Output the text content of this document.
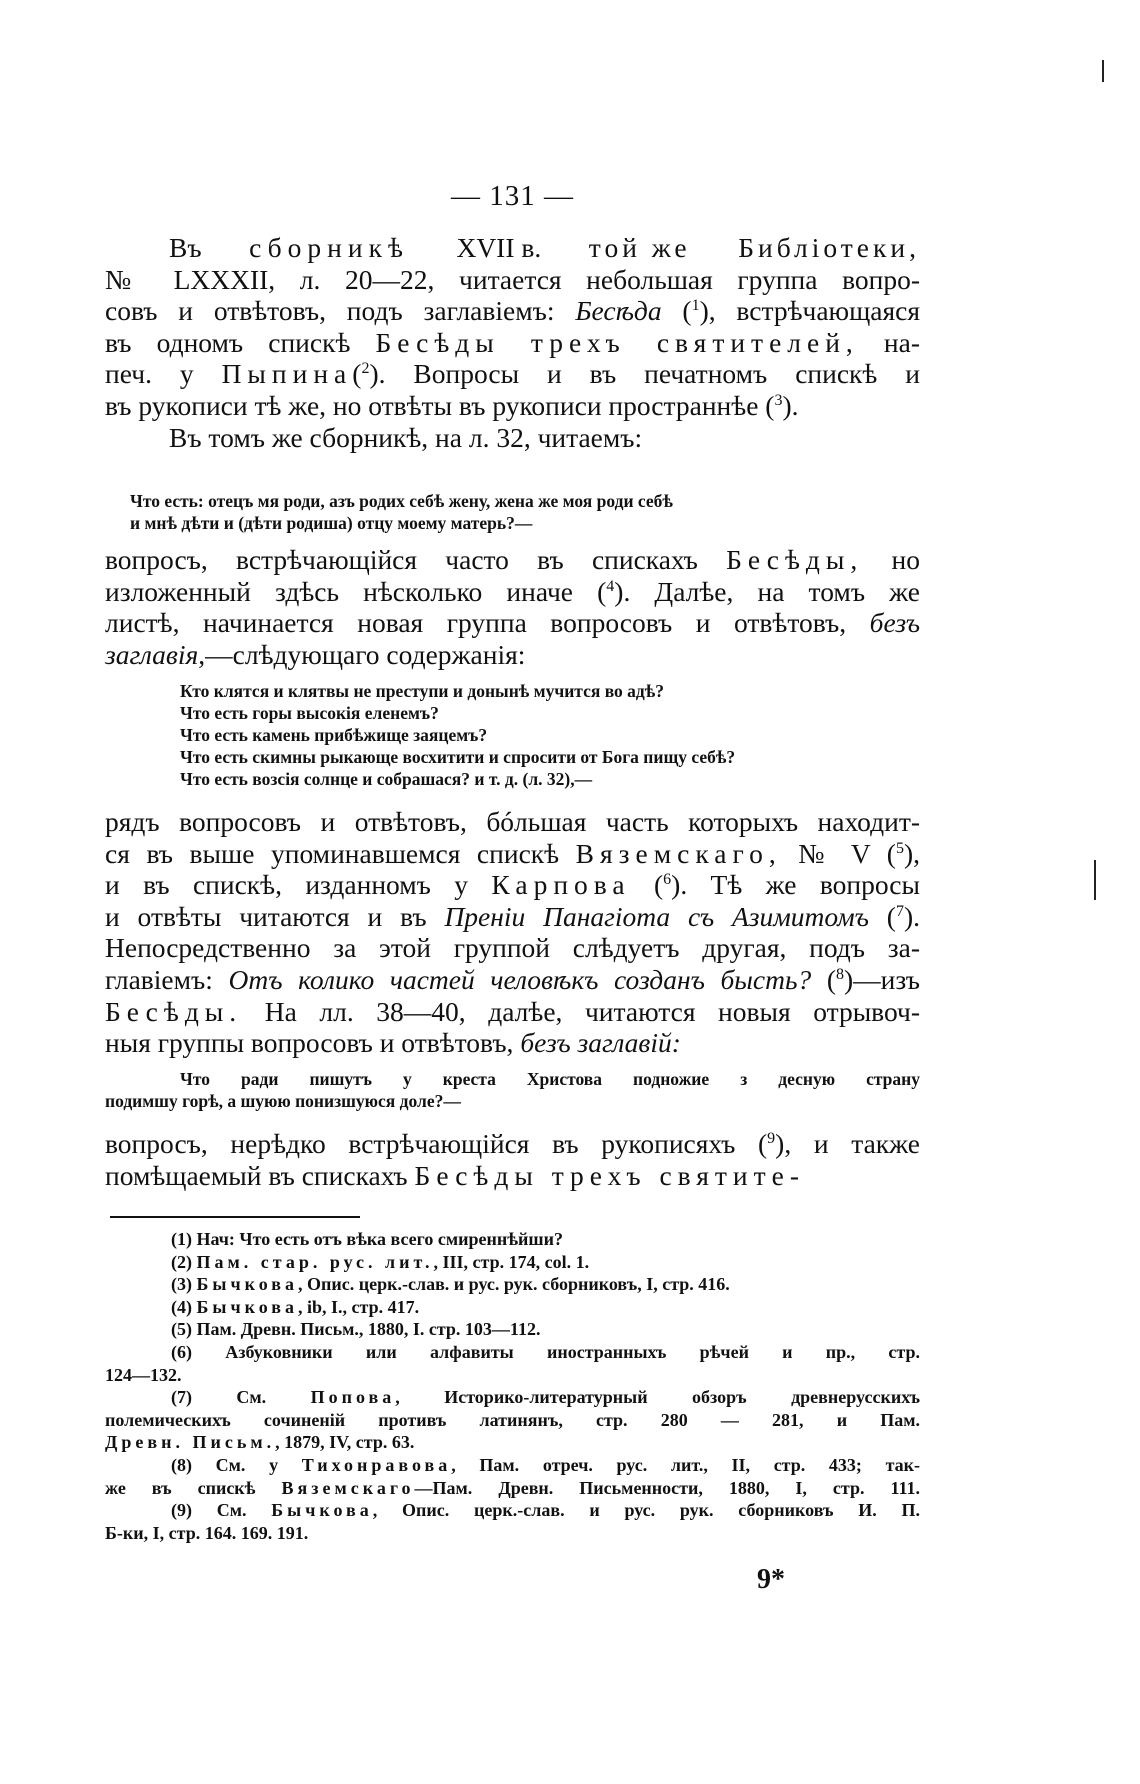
— 131 —

Въ сборникѣ XVII в. той же Библіотеки,

№ LXXXII, л. 20—22, читается небольшая группа вопро-

совъ и отвѣтовъ, подъ заглавіемъ: Бесѣда ($^1$), встрѣчающаяся

въ одномъ спискѣ Бесѣды трехъ святителей, на-

печ. у Пыпина($^2$). Вопросы и въ печатномъ спискѣ и

въ рукописи тѣ же, но отвѣты въ рукописи пространнѣе ($^3$).

Въ томъ же сборникѣ, на л. 32, читаемъ:

Что есть: отецъ мя роди, азъ родих себѣ жену, жена же моя роди себѣ
и мнѣ дѣти и (дѣти родиша) отцу моему матерь?—

вопросъ, встрѣчающійся часто въ спискахъ Бесѣды, но

изложенный здѣсь нѣсколько иначе ($^4$). Далѣе, на томъ же

листѣ, начинается новая группа вопросовъ и отвѣтовъ, безъ

заглавія,—слѣдующаго содержанія:

Кто клятся и клятвы не преступи и донынѣ мучится во адѣ?
Что есть горы высокія еленемъ?
Что есть камень прибѣжище заяцемъ?
Что есть скимны рыкающе восхитити и спросити от Бога пищу себѣ?
Что есть возсія солнце и собрашася? и т. д. (л. 32),—

рядъ вопросовъ и отвѣтовъ, бóльшая часть которыхъ находит-

ся въ выше упоминавшемся спискѣ Вяземскаго, № V ($^5$),

и въ спискѣ, изданномъ у Карпова ($^6$). Тѣ же вопросы

и отвѣты читаются и въ Преніи Панагіота съ Азимитомъ ($^7$).

Непосредственно за этой группой слѣдуетъ другая, подъ за-

главіемъ: Отъ колико частей человѣкъ созданъ бысть? ($^8$)—изъ

Бесѣды. На лл. 38—40, далѣе, читаются новыя отрывоч-

ныя группы вопросовъ и отвѣтовъ, безъ заглавій:

Что ради пишутъ у креста Христова подножие з десную страну
подимшу горѣ, а шуюю понизшуюся доле?—

вопросъ, нерѣдко встрѣчающійся въ рукописяхъ ($^9$), и также

помѣщаемый въ спискахъ Бесѣды трехъ святите-

(1) Нач: Что есть отъ вѣка всего смиреннѣйши?

(2) Пам. стар. рус. лит., III, стр. 174, col. 1.

(3) Бычкова, Опис. церк.-слав. и рус. рук. сборниковъ, I, стр. 416.

(4) Бычкова, ib, I., стр. 417.

(5) Пам. Древн. Письм., 1880, I. стр. 103—112.

(6) Азбуковники или алфавиты иностранныхъ рѣчей и пр., стр.

124—132.

(7) См. Попова, Историко-литературный обзоръ древнерусскихъ

полемическихъ сочиненій противъ латинянъ, стр. 280 — 281, и Пам.

Древн. Письм., 1879, IV, стр. 63.

(8) См. у Тихонравова, Пам. отреч. рус. лит., II, стр. 433; так-

же въ спискѣ Вяземскаго—Пам. Древн. Письменности, 1880, I, стр. 111.

(9) См. Бычкова, Опис. церк.-слав. и рус. рук. сборниковъ И. П.

Б-ки, I, стр. 164. 169. 191.

9*
